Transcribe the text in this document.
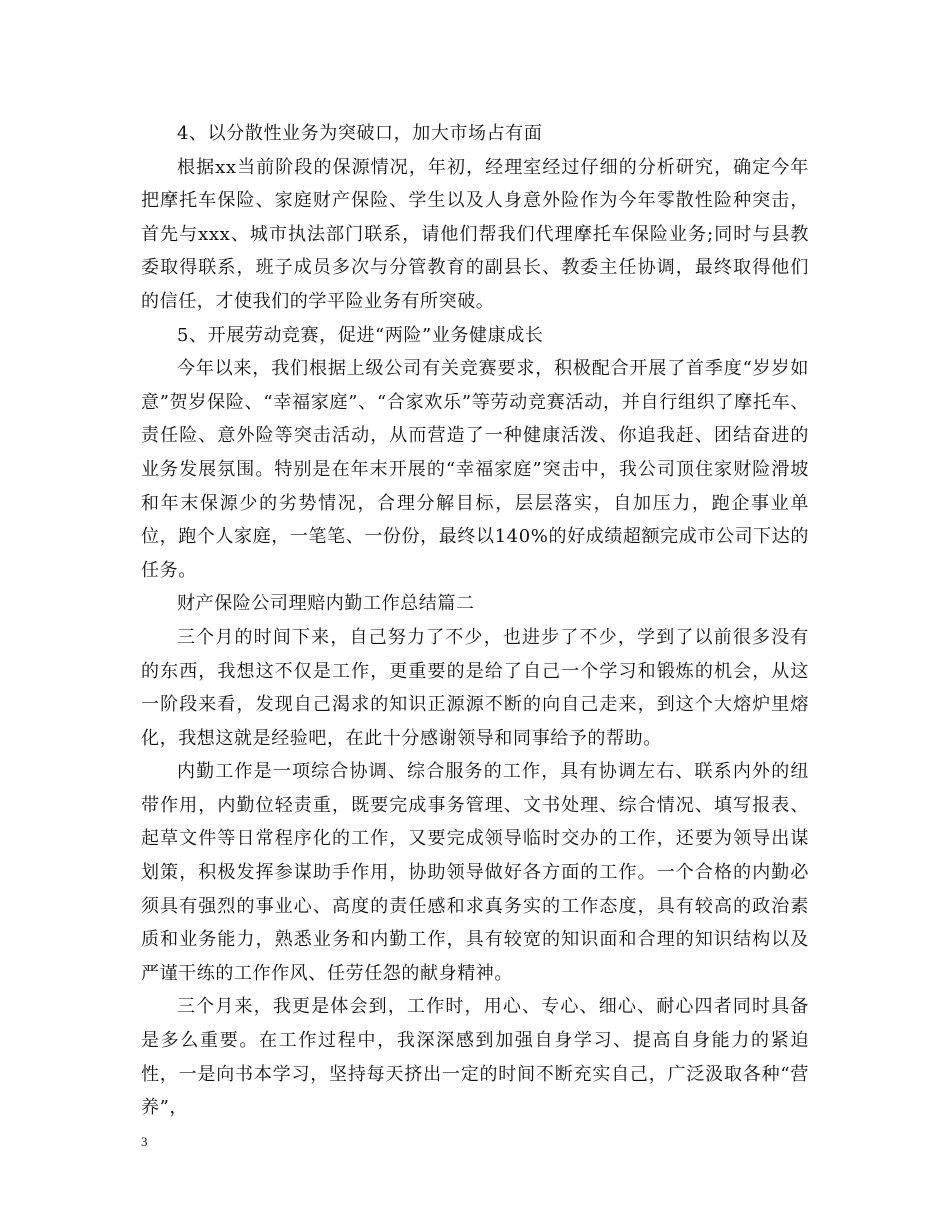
4、以分散性业务为突破口，加大市场占有面

根据xx当前阶段的保源情况，年初，经理室经过仔细的分析研究，确定今年把摩托车保险、家庭财产保险、学生以及人身意外险作为今年零散性险种突击，首先与xxx、城市执法部门联系，请他们帮我们代理摩托车保险业务;同时与县教委取得联系，班子成员多次与分管教育的副县长、教委主任协调，最终取得他们的信任，才使我们的学平险业务有所突破。

5、开展劳动竞赛，促进“两险”业务健康成长

今年以来，我们根据上级公司有关竞赛要求，积极配合开展了首季度“岁岁如意”贺岁保险、“幸福家庭”、“合家欢乐”等劳动竞赛活动，并自行组织了摩托车、责任险、意外险等突击活动，从而营造了一种健康活泼、你追我赶、团结奋进的业务发展氛围。特别是在年末开展的“幸福家庭”突击中，我公司顶住家财险滑坡和年末保源少的劣势情况，合理分解目标，层层落实，自加压力，跑企事业单位，跑个人家庭，一笔笔、一份份，最终以140%的好成绩超额完成市公司下达的任务。

财产保险公司理赔内勤工作总结篇二

三个月的时间下来，自己努力了不少，也进步了不少，学到了以前很多没有的东西，我想这不仅是工作，更重要的是给了自己一个学习和锻炼的机会，从这一阶段来看，发现自己渴求的知识正源源不断的向自己走来，到这个大熔炉里熔化，我想这就是经验吧，在此十分感谢领导和同事给予的帮助。

内勤工作是一项综合协调、综合服务的工作，具有协调左右、联系内外的纽带作用，内勤位轻责重，既要完成事务管理、文书处理、综合情况、填写报表、起草文件等日常程序化的工作，又要完成领导临时交办的工作，还要为领导出谋划策，积极发挥参谋助手作用，协助领导做好各方面的工作。一个合格的内勤必须具有强烈的事业心、高度的责任感和求真务实的工作态度，具有较高的政治素质和业务能力，熟悉业务和内勤工作，具有较宽的知识面和合理的知识结构以及严谨干练的工作作风、任劳任怨的献身精神。

三个月来，我更是体会到，工作时，用心、专心、细心、耐心四者同时具备是多么重要。在工作过程中，我深深感到加强自身学习、提高自身能力的紧迫性，一是向书本学习，坚持每天挤出一定的时间不断充实自己，广泛汲取各种“营养”，

3
